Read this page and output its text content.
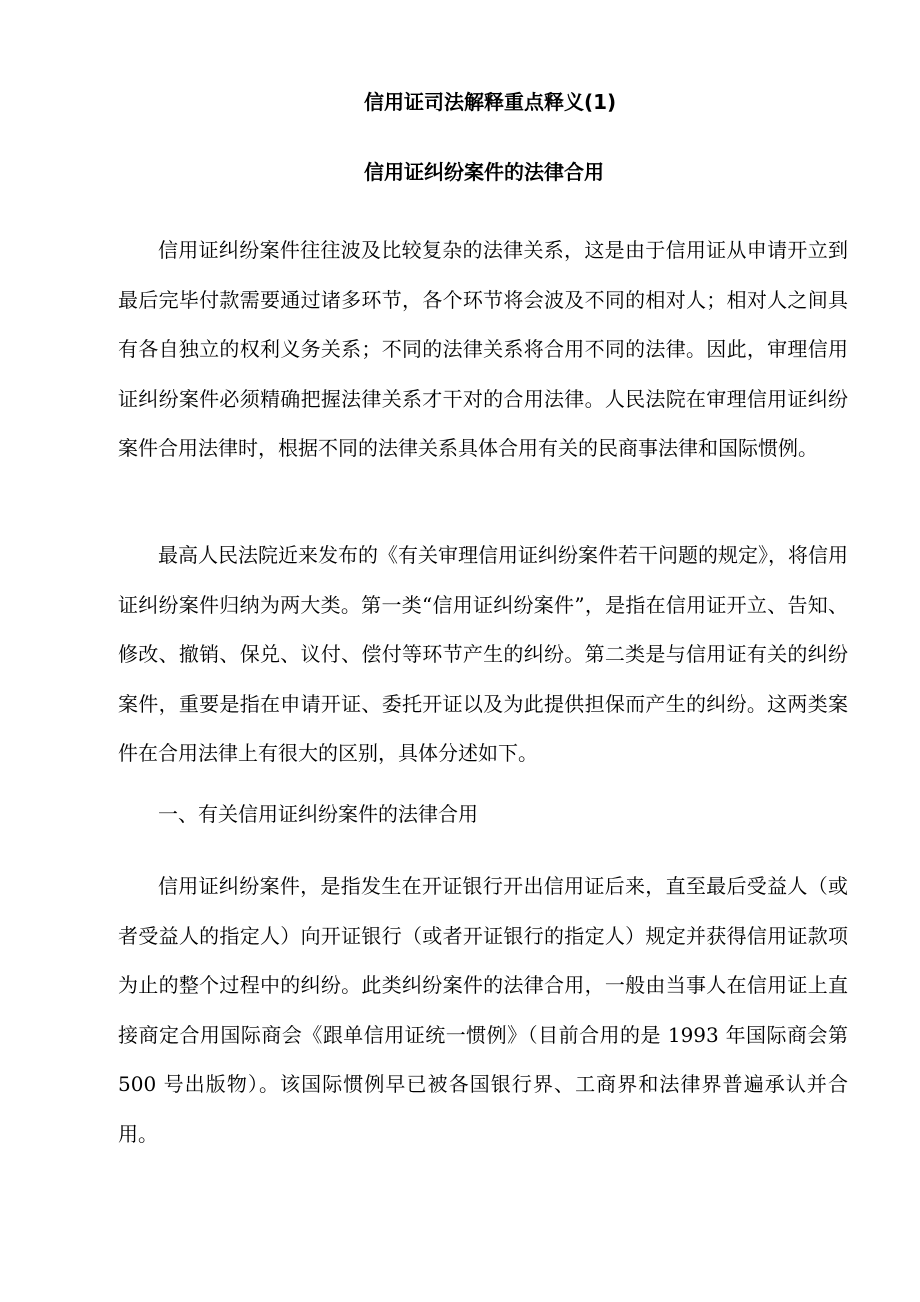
信用证司法解释重点释义(1)
信用证纠纷案件的法律合用

信用证纠纷案件往往波及比较复杂的法律关系，这是由于信用证从申请开立到最后完毕付款需要通过诸多环节，各个环节将会波及不同的相对人；相对人之间具有各自独立的权利义务关系；不同的法律关系将合用不同的法律。因此，审理信用证纠纷案件必须精确把握法律关系才干对的合用法律。人民法院在审理信用证纠纷案件合用法律时，根据不同的法律关系具体合用有关的民商事法律和国际惯例。

最高人民法院近来发布的《有关审理信用证纠纷案件若干问题的规定》，将信用证纠纷案件归纳为两大类。第一类“信用证纠纷案件”，是指在信用证开立、告知、修改、撤销、保兑、议付、偿付等环节产生的纠纷。第二类是与信用证有关的纠纷案件，重要是指在申请开证、委托开证以及为此提供担保而产生的纠纷。这两类案件在合用法律上有很大的区别，具体分述如下。

一、有关信用证纠纷案件的法律合用

信用证纠纷案件，是指发生在开证银行开出信用证后来，直至最后受益人（或者受益人的指定人）向开证银行（或者开证银行的指定人）规定并获得信用证款项为止的整个过程中的纠纷。此类纠纷案件的法律合用，一般由当事人在信用证上直接商定合用国际商会《跟单信用证统一惯例》（目前合用的是 1993 年国际商会第 500 号出版物）。该国际惯例早已被各国银行界、工商界和法律界普遍承认并合用。
